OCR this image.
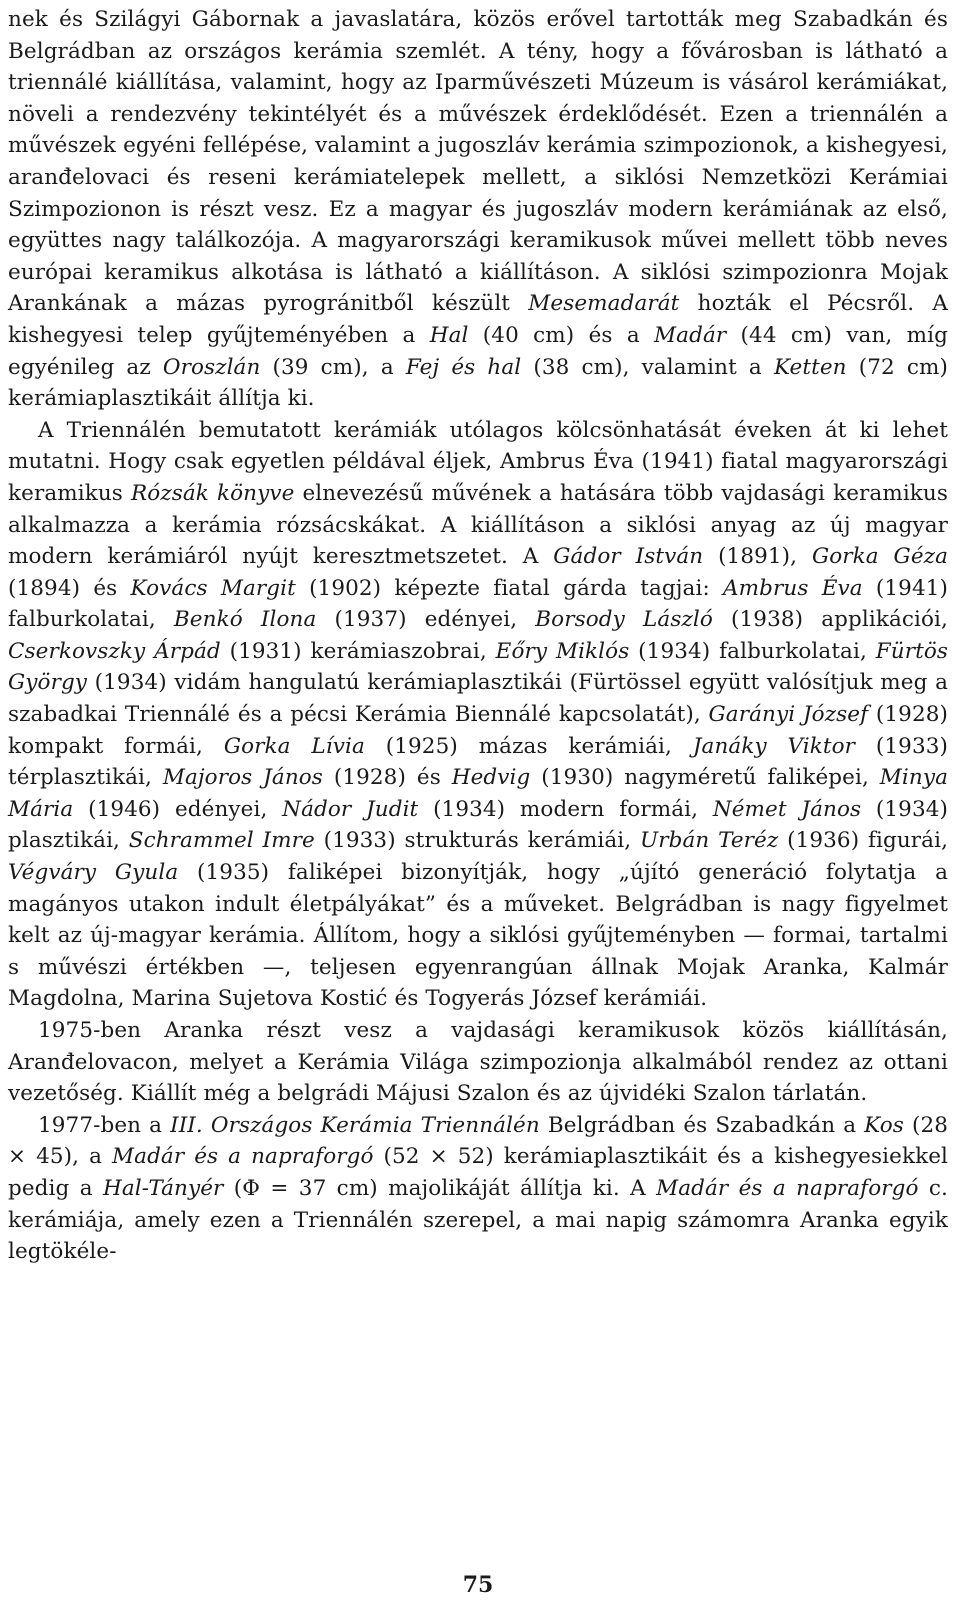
nek és Szilágyi Gábornak a javaslatára, közös erővel tartották meg Szabadkán és Belgrádban az országos kerámia szemlét. A tény, hogy a fővárosban is látható a triennálé kiállítása, valamint, hogy az Iparművészeti Múzeum is vásárol kerámiákat, növeli a rendezvény tekintélyét és a művészek érdeklődését. Ezen a triennálén a művészek egyéni fellépése, valamint a jugoszláv kerámia szimpozionok, a kishegyesi, aranđelovaci és reseni kerámiatelepek mellett, a siklósi Nemzetközi Kerámiai Szimpozionon is részt vesz. Ez a magyar és jugoszláv modern kerámiának az első, együttes nagy találkozója. A magyarországi keramikusok művei mellett több neves európai keramikus alkotása is látható a kiállításon. A siklósi szimpozionra Mojak Arankának a mázas pyrogránitből készült Mesemadarát hozták el Pécsről. A kishegyesi telep gyűjteményében a Hal (40 cm) és a Madár (44 cm) van, míg egyénileg az Oroszlán (39 cm), a Fej és hal (38 cm), valamint a Ketten (72 cm) kerámiaplasztikáit állítja ki.

A Triennálén bemutatott kerámiák utólagos kölcsönhatását éveken át ki lehet mutatni. Hogy csak egyetlen példával éljek, Ambrus Éva (1941) fiatal magyarországi keramikus Rózsák könyve elnevezésű művének a hatására több vajdasági keramikus alkalmazza a kerámia rózsácskákat. A kiállításon a siklósi anyag az új magyar modern kerámiáról nyújt keresztmetszetet. A Gádor István (1891), Gorka Géza (1894) és Kovács Margit (1902) képezte fiatal gárda tagjai: Ambrus Éva (1941) falburkolatai, Benkó Ilona (1937) edényei, Borsody László (1938) applikációi, Cserkovszky Árpád (1931) kerámiaszobrai, Eőry Miklós (1934) falburkolatai, Fürtös György (1934) vidám hangulatú kerámiaplasztikái (Fürtössel együtt valósítjuk meg a szabadkai Triennálé és a pécsi Kerámia Biennálé kapcsolatát), Garányi József (1928) kompakt formái, Gorka Lívia (1925) mázas kerámiái, Janáky Viktor (1933) térplasztikái, Majoros János (1928) és Hedvig (1930) nagyméretű faliképei, Minya Mária (1946) edényei, Nádor Judit (1934) modern formái, Német János (1934) plasztikái, Schrammel Imre (1933) strukturás kerámiái, Urbán Teréz (1936) figurái, Végváry Gyula (1935) faliképei bizonyítják, hogy „újító generáció folytatja a magányos utakon indult életpályákat” és a műveket. Belgrádban is nagy figyelmet kelt az új-magyar kerámia. Állítom, hogy a siklósi gyűjteményben — formai, tartalmi s művészi értékben —, teljesen egyenrangúan állnak Mojak Aranka, Kalmár Magdolna, Marina Sujetova Kostić és Togyerás József kerámiái.

1975-ben Aranka részt vesz a vajdasági keramikusok közös kiállításán, Aranđelovacon, melyet a Kerámia Világa szimpozionja alkalmából rendez az ottani vezetőség. Kiállít még a belgrádi Májusi Szalon és az újvidéki Szalon tárlatán.

1977-ben a III. Országos Kerámia Triennálén Belgrádban és Szabadkán a Kos (28 × 45), a Madár és a napraforgó (52 × 52) kerámiaplasztikáit és a kishegyesiekkel pedig a Hal-Tányér (Φ = 37 cm) majolikáját állítja ki. A Madár és a napraforgó c. kerámiája, amely ezen a Triennálén szerepel, a mai napig számomra Aranka egyik legtökéle-

75
